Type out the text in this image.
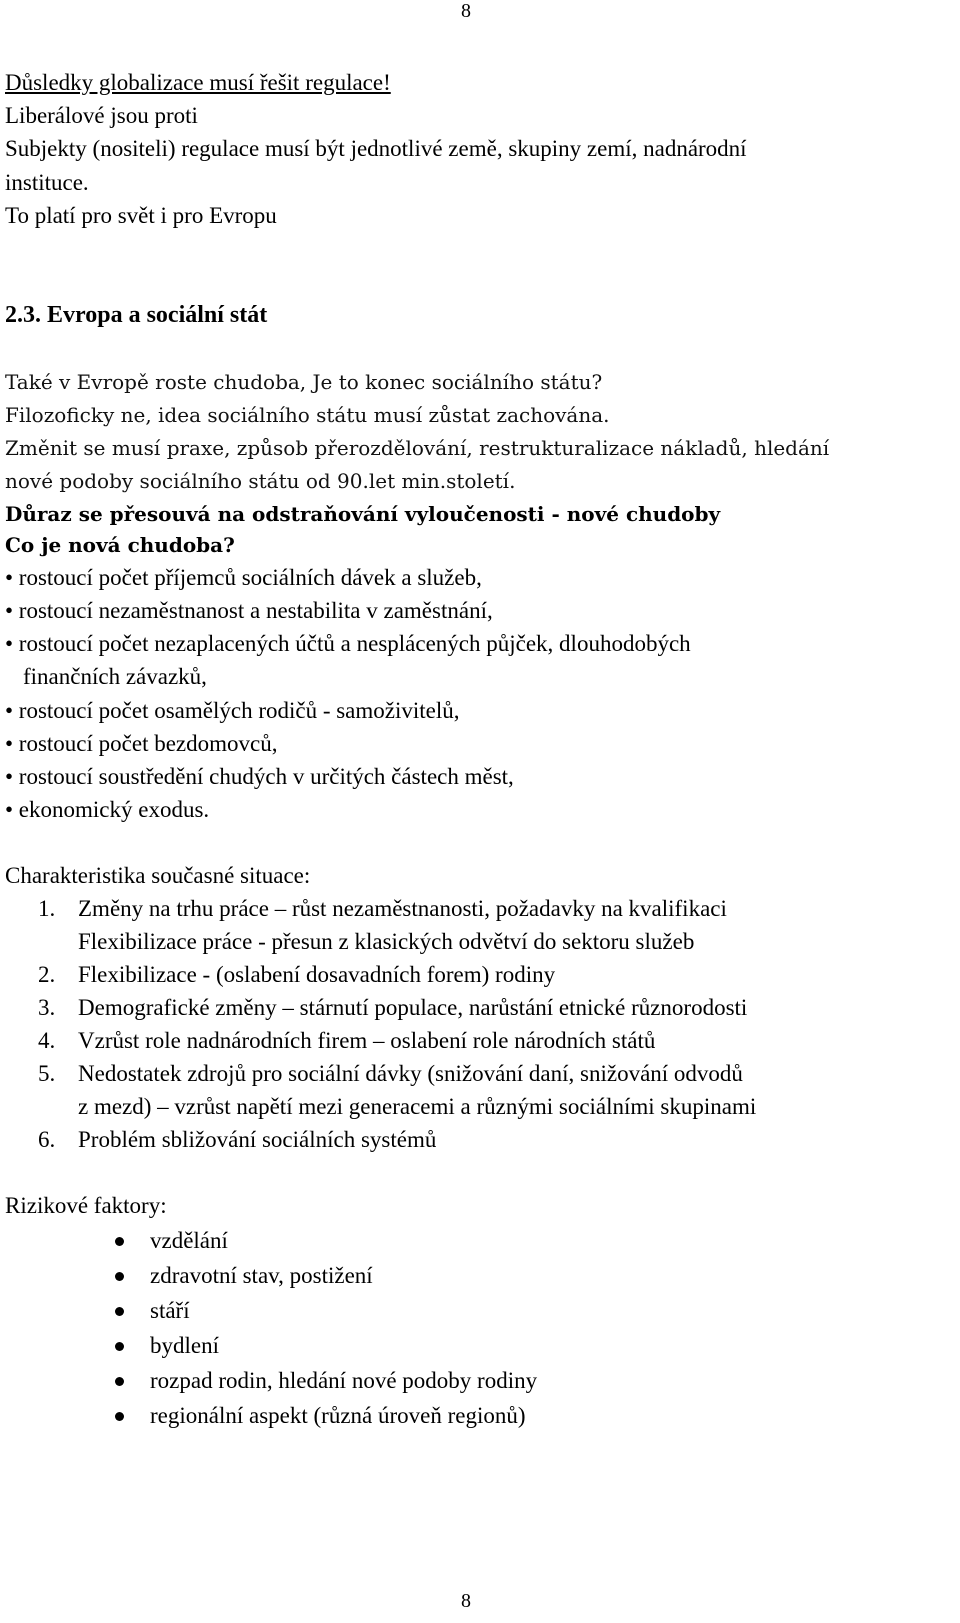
8
Důsledky globalizace musí řešit regulace!
Liberálové jsou proti
Subjekty (nositeli) regulace musí být jednotlivé země, skupiny zemí, nadnárodní
instituce.
To platí pro svět i pro Evropu
2.3. Evropa a sociální stát
Také v Evropě roste chudoba, Je to konec sociálního státu?
Filozoficky ne, idea sociálního státu musí zůstat zachována.
Změnit se musí praxe, způsob přerozdělování, restrukturalizace nákladů, hledání
nové podoby sociálního státu od 90.let min.století.
Důraz se přesouvá na odstraňování vyloučenosti - nové chudoby
Co je nová chudoba?
• rostoucí počet příjemců sociálních dávek a služeb,
• rostoucí nezaměstnanost a nestabilita v zaměstnání,
• rostoucí počet nezaplacených účtů a nesplácených půjček, dlouhodobých
finančních závazků,
• rostoucí počet osamělých rodičů - samoživitelů,
• rostoucí počet bezdomovců,
• rostoucí soustředění chudých v určitých částech měst,
• ekonomický exodus.
Charakteristika současné situace:
1. Změny na trhu práce – růst nezaměstnanosti, požadavky na kvalifikaci
Flexibilizace práce - přesun z klasických odvětví do sektoru služeb
2. Flexibilizace - (oslabení dosavadních forem) rodiny
3. Demografické změny – stárnutí populace, narůstání etnické různorodosti
4. Vzrůst role nadnárodních firem – oslabení role národních států
5. Nedostatek zdrojů pro sociální dávky (snižování daní, snižování odvodů
z mezd) – vzrůst napětí mezi generacemi a různými sociálními skupinami
6. Problém sbližování sociálních systémů
Rizikové faktory:
vzdělání
zdravotní stav, postižení
stáří
bydlení
rozpad rodin, hledání nové podoby rodiny
regionální aspekt (různá úroveň regionů)
8
